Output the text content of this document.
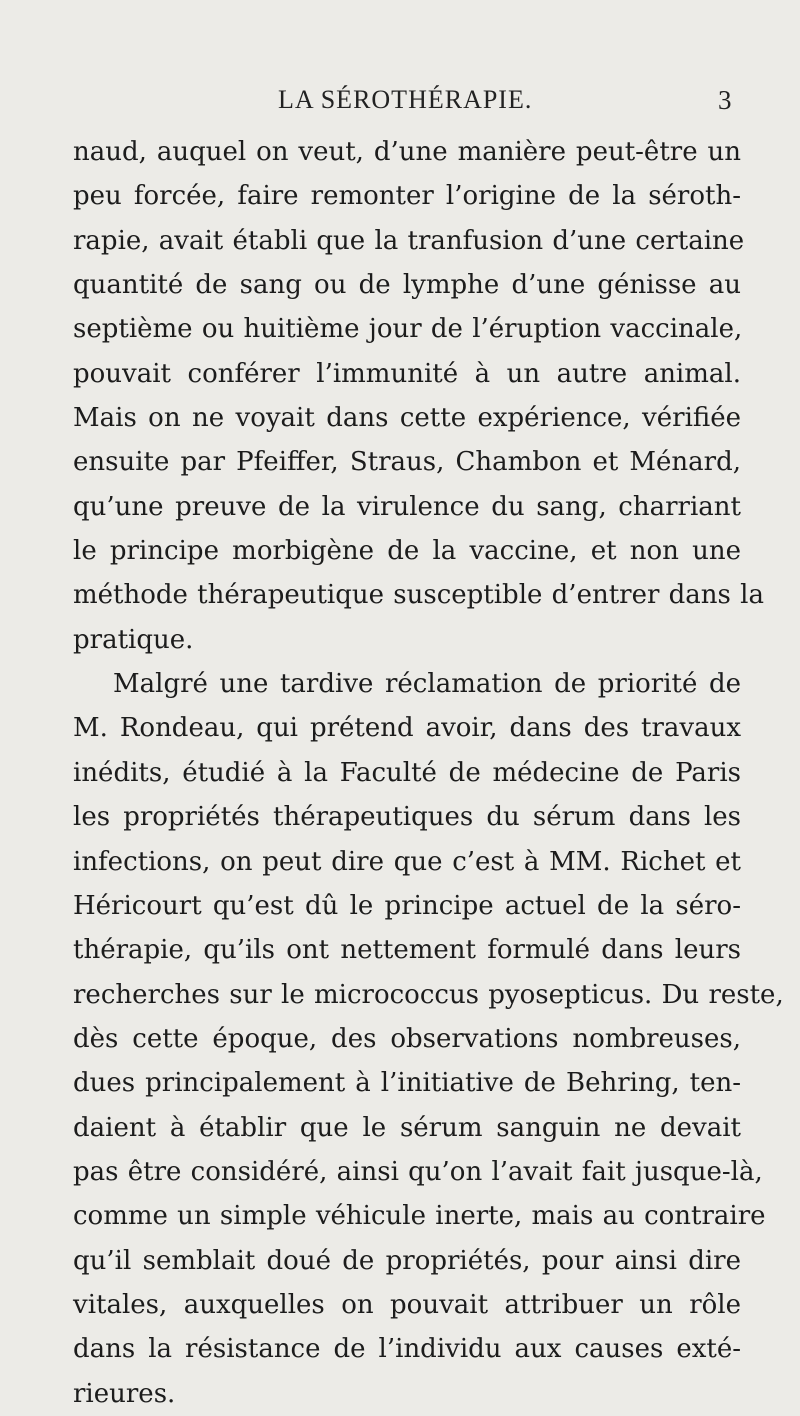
LA SÉROTHÉRAPIE.	3
naud, auquel on veut, d’une manière peut-être un
peu forcée, faire remonter l’origine de la séroth-
rapie, avait établi que la tranfusion d’une certaine
quantité de sang ou de lymphe d’une génisse au
septième ou huitième jour de l’éruption vaccinale,
pouvait conférer l’immunité à un autre animal.
Mais on ne voyait dans cette expérience, vérifiée
ensuite par Pfeiffer, Straus, Chambon et Ménard,
qu’une preuve de la virulence du sang, charriant
le principe morbigène de la vaccine, et non une
méthode thérapeutique susceptible d’entrer dans la
pratique.
Malgré une tardive réclamation de priorité de
M. Rondeau, qui prétend avoir, dans des travaux
inédits, étudié à la Faculté de médecine de Paris
les propriétés thérapeutiques du sérum dans les
infections, on peut dire que c’est à MM. Richet et
Héricourt qu’est dû le principe actuel de la séro-
thérapie, qu’ils ont nettement formulé dans leurs
recherches sur le micrococcus pyosepticus. Du reste,
dès cette époque, des observations nombreuses,
dues principalement à l’initiative de Behring, ten-
daient à établir que le sérum sanguin ne devait
pas être considéré, ainsi qu’on l’avait fait jusque-là,
comme un simple véhicule inerte, mais au contraire
qu’il semblait doué de propriétés, pour ainsi dire
vitales, auxquelles on pouvait attribuer un rôle
dans la résistance de l’individu aux causes exté-
rieures.
